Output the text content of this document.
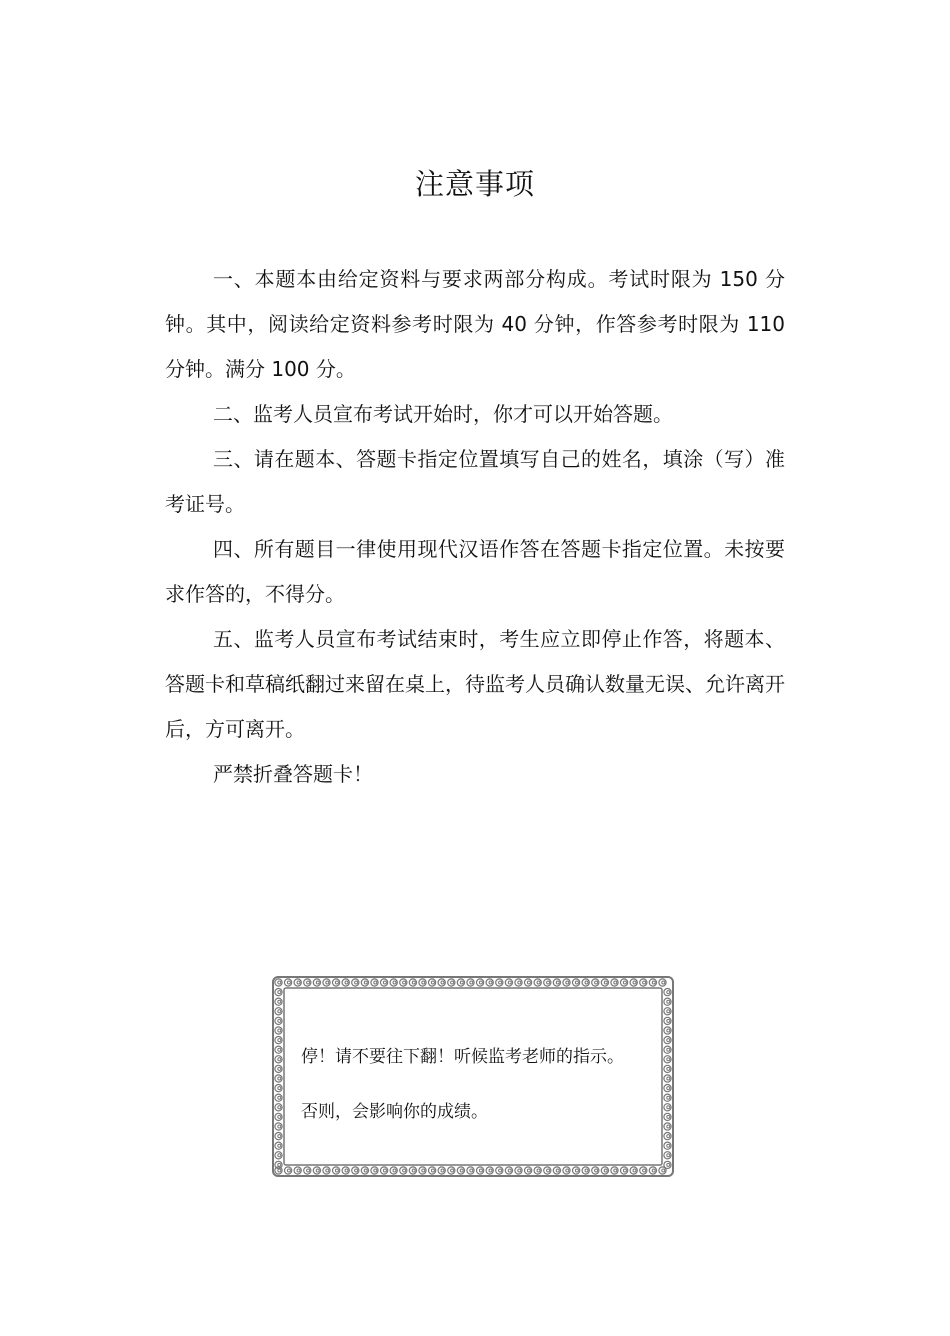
注意事项

一、本题本由给定资料与要求两部分构成。考试时限为 150 分钟。其中，阅读给定资料参考时限为 40 分钟，作答参考时限为 110 分钟。满分 100 分。

二、监考人员宣布考试开始时，你才可以开始答题。

三、请在题本、答题卡指定位置填写自己的姓名，填涂（写）准考证号。

四、所有题目一律使用现代汉语作答在答题卡指定位置。未按要求作答的，不得分。

五、监考人员宣布考试结束时，考生应立即停止作答，将题本、答题卡和草稿纸翻过来留在桌上，待监考人员确认数量无误、允许离开后，方可离开。

严禁折叠答题卡！

停！请不要往下翻！听候监考老师的指示。
否则，会影响你的成绩。
